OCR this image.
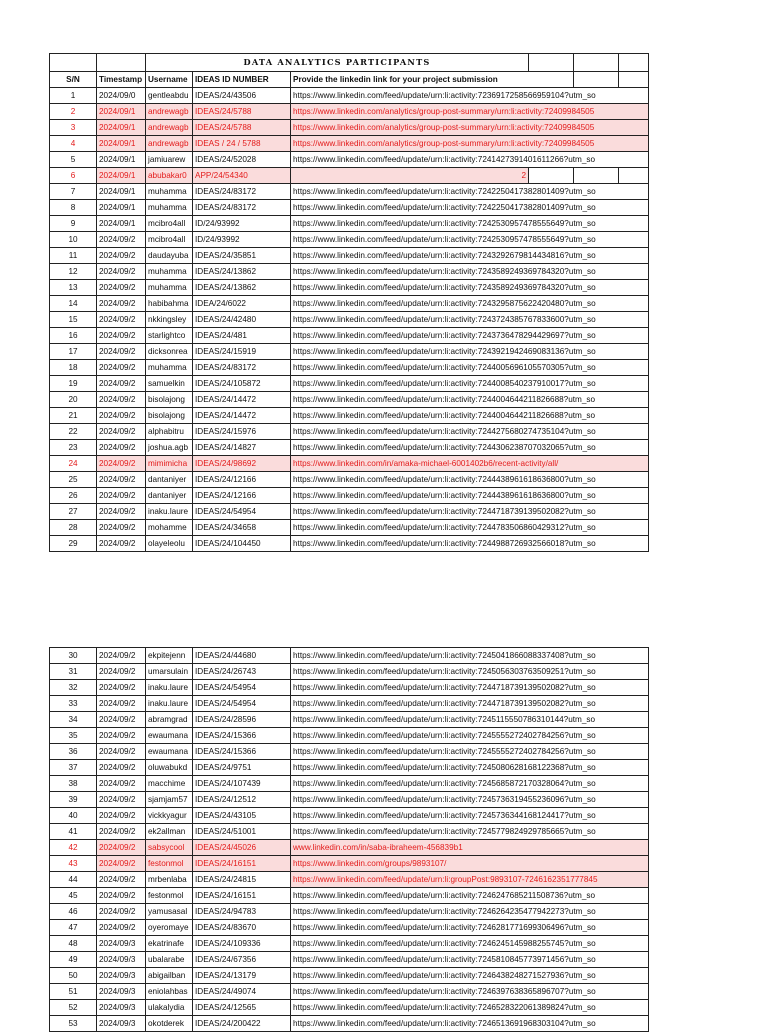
		DATA ANALYTICS PARTICIPANTS					
S/N	Timestamp	Username	IDEAS ID NUMBER	Provide the linkedin link for your project submission			
1	2024/09/0	gentleabdu	IDEAS/24/43506	https://www.linkedin.com/feed/update/urn:li:activity:7236917258566959104?utm_so			
2	2024/09/1	andrewagb	IDEAS/24/5788	https://www.linkedin.com/analytics/group-post-summary/urn:li:activity:72409984505			
3	2024/09/1	andrewagb	IDEAS/24/5788	https://www.linkedin.com/analytics/group-post-summary/urn:li:activity:72409984505			
4	2024/09/1	andrewagb	IDEAS / 24 / 5788	https://www.linkedin.com/analytics/group-post-summary/urn:li:activity:72409984505			
5	2024/09/1	jamiuarew	IDEAS/24/52028	https://www.linkedin.com/feed/update/urn:li:activity:7241427391401611266?utm_so			
6	2024/09/1	abubakar0	APP/24/54340	2			
7	2024/09/1	muhamma	IDEAS/24/83172	https://www.linkedin.com/feed/update/urn:li:activity:7242250417382801409?utm_so			
8	2024/09/1	muhamma	IDEAS/24/83172	https://www.linkedin.com/feed/update/urn:li:activity:7242250417382801409?utm_so			
9	2024/09/1	mcibro4all	ID/24/93992	https://www.linkedin.com/feed/update/urn:li:activity:7242530957478555649?utm_so			
10	2024/09/2	mcibro4all	ID/24/93992	https://www.linkedin.com/feed/update/urn:li:activity:7242530957478555649?utm_so			
11	2024/09/2	daudayuba	IDEAS/24/35851	https://www.linkedin.com/feed/update/urn:li:activity:7243292679814434816?utm_so			
12	2024/09/2	muhamma	IDEAS/24/13862	https://www.linkedin.com/feed/update/urn:li:activity:7243589249369784320?utm_so			
13	2024/09/2	muhamma	IDEAS/24/13862	https://www.linkedin.com/feed/update/urn:li:activity:7243589249369784320?utm_so			
14	2024/09/2	habibahma	IDEA/24/6022	https://www.linkedin.com/feed/update/urn:li:activity:7243295875622420480?utm_so			
15	2024/09/2	nkkingsley	IDEAS/24/42480	https://www.linkedin.com/feed/update/urn:li:activity:7243724385767833600?utm_so			
16	2024/09/2	starlightco	IDEAS/24/481	https://www.linkedin.com/feed/update/urn:li:activity:7243736478294429697?utm_so			
17	2024/09/2	dicksonrea	IDEAS/24/15919	https://www.linkedin.com/feed/update/urn:li:activity:7243921942469083136?utm_so			
18	2024/09/2	muhamma	IDEAS/24/83172	https://www.linkedin.com/feed/update/urn:li:activity:7244005696105570305?utm_so			
19	2024/09/2	samuelkin	IDEAS/24/105872	https://www.linkedin.com/feed/update/urn:li:activity:7244008540237910017?utm_so			
20	2024/09/2	bisolajong	IDEAS/24/14472	https://www.linkedin.com/feed/update/urn:li:activity:7244004644211826688?utm_so			
21	2024/09/2	bisolajong	IDEAS/24/14472	https://www.linkedin.com/feed/update/urn:li:activity:7244004644211826688?utm_so			
22	2024/09/2	alphabitru	IDEAS/24/15976	https://www.linkedin.com/feed/update/urn:li:activity:7244275680274735104?utm_so			
23	2024/09/2	joshua.agb	IDEAS/24/14827	https://www.linkedin.com/feed/update/urn:li:activity:7244306238707032065?utm_so			
24	2024/09/2	mimimicha	IDEAS/24/98692	https://www.linkedin.com/in/amaka-michael-6001402b6/recent-activity/all/			
25	2024/09/2	dantaniyer	IDEAS/24/12166	https://www.linkedin.com/feed/update/urn:li:activity:7244438961618636800?utm_so			
26	2024/09/2	dantaniyer	IDEAS/24/12166	https://www.linkedin.com/feed/update/urn:li:activity:7244438961618636800?utm_so			
27	2024/09/2	inaku.laure	IDEAS/24/54954	https://www.linkedin.com/feed/update/urn:li:activity:7244718739139502082?utm_so			
28	2024/09/2	mohamme	IDEAS/24/34658	https://www.linkedin.com/feed/update/urn:li:activity:7244783506860429312?utm_so			
29	2024/09/2	olayeleolu	IDEAS/24/104450	https://www.linkedin.com/feed/update/urn:li:activity:7244988726932566018?utm_so			
30	2024/09/2	ekpitejenn	IDEAS/24/44680	https://www.linkedin.com/feed/update/urn:li:activity:7245041866088337408?utm_so
31	2024/09/2	umarsulain	IDEAS/24/26743	https://www.linkedin.com/feed/update/urn:li:activity:7245056303763509251?utm_so
32	2024/09/2	inaku.laure	IDEAS/24/54954	https://www.linkedin.com/feed/update/urn:li:activity:7244718739139502082?utm_so
33	2024/09/2	inaku.laure	IDEAS/24/54954	https://www.linkedin.com/feed/update/urn:li:activity:7244718739139502082?utm_so
34	2024/09/2	abramgrad	IDEAS/24/28596	https://www.linkedin.com/feed/update/urn:li:activity:7245115550786310144?utm_so
35	2024/09/2	ewaumana	IDEAS/24/15366	https://www.linkedin.com/feed/update/urn:li:activity:7245555272402784256?utm_so
36	2024/09/2	ewaumana	IDEAS/24/15366	https://www.linkedin.com/feed/update/urn:li:activity:7245555272402784256?utm_so
37	2024/09/2	oluwabukd	IDEAS/24/9751	https://www.linkedin.com/feed/update/urn:li:activity:7245080628168122368?utm_so
38	2024/09/2	macchime	IDEAS/24/107439	https://www.linkedin.com/feed/update/urn:li:activity:7245685872170328064?utm_so
39	2024/09/2	sjamjam57	IDEAS/24/12512	https://www.linkedin.com/feed/update/urn:li:activity:7245736319455236096?utm_so
40	2024/09/2	vickkyagur	IDEAS/24/43105	https://www.linkedin.com/feed/update/urn:li:activity:7245736344168124417?utm_so
41	2024/09/2	ek2allman	IDEAS/24/51001	https://www.linkedin.com/feed/update/urn:li:activity:7245779824929785665?utm_so
42	2024/09/2	sabsycool	IDEAS/24/45026	www.linkedin.com/in/saba-ibraheem-456839b1
43	2024/09/2	festonmol	IDEAS/24/16151	https://www.linkedin.com/groups/9893107/
44	2024/09/2	mrbenlaba	IDEAS/24/24815	https://www.linkedin.com/feed/update/urn:li:groupPost:9893107-7246162351777845
45	2024/09/2	festonmol	IDEAS/24/16151	https://www.linkedin.com/feed/update/urn:li:activity:7246247685211508736?utm_so
46	2024/09/2	yamusasal	IDEAS/24/94783	https://www.linkedin.com/feed/update/urn:li:activity:7246264235477942273?utm_so
47	2024/09/2	oyeromaye	IDEAS/24/83670	https://www.linkedin.com/feed/update/urn:li:activity:7246281771699306496?utm_so
48	2024/09/3	ekatrinafe	IDEAS/24/109336	https://www.linkedin.com/feed/update/urn:li:activity:7246245145988255745?utm_so
49	2024/09/3	ubalarabe	IDEAS/24/67356	https://www.linkedin.com/feed/update/urn:li:activity:7245810845773971456?utm_so
50	2024/09/3	abigailban	IDEAS/24/13179	https://www.linkedin.com/feed/update/urn:li:activity:7246438248271527936?utm_so
51	2024/09/3	eniolahbas	IDEAS/24/49074	https://www.linkedin.com/feed/update/urn:li:activity:7246397638365896707?utm_so
52	2024/09/3	ulakalydia	IDEAS/24/12565	https://www.linkedin.com/feed/update/urn:li:activity:7246528322061389824?utm_so
53	2024/09/3	okotderek	IDEAS/24/200422	https://www.linkedin.com/feed/update/urn:li:activity:7246513691968303104?utm_so
